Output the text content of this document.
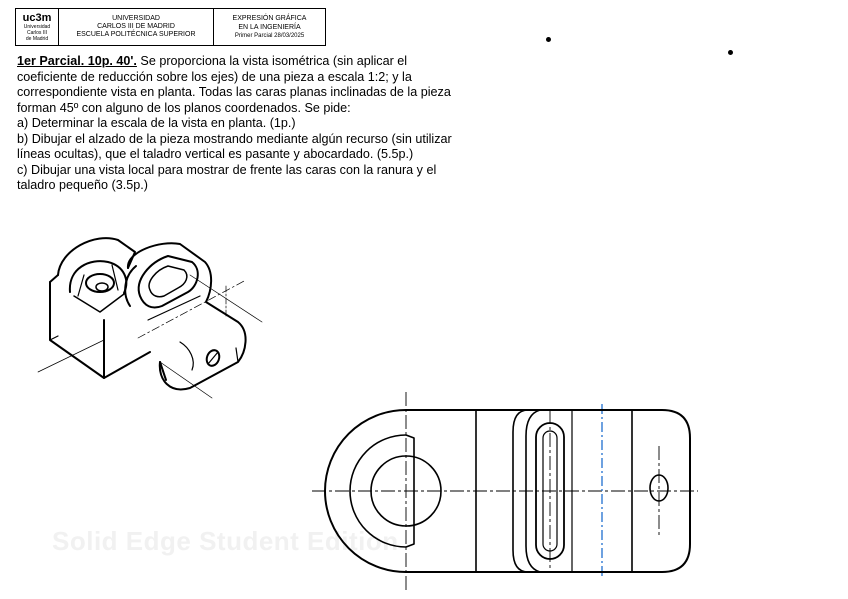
uc3m
Universidad
Carlos III
de Madrid
UNIVERSIDAD
CARLOS III DE MADRID
ESCUELA POLITÉCNICA SUPERIOR
EXPRESIÓN GRÁFICA
EN LA INGENIERÍA
Primer Parcial 28/03/2025

1er Parcial. 10p. 40'. Se proporciona la vista isométrica (sin aplicar el

coeficiente de reducción sobre los ejes) de una pieza a escala 1:2; y la

correspondiente vista en planta. Todas las caras planas inclinadas de la pieza

forman 45º con alguno de los planos coordenados. Se pide:

a) Determinar la escala de la vista en planta. (1p.)

b) Dibujar el alzado de la pieza mostrando mediante algún recurso (sin utilizar

líneas ocultas), que el taladro vertical es pasante y abocardado. (5.5p.)

c) Dibujar una vista local para mostrar de frente las caras con la ranura y el

taladro pequeño (3.5p.)

Solid Edge Student Edition
